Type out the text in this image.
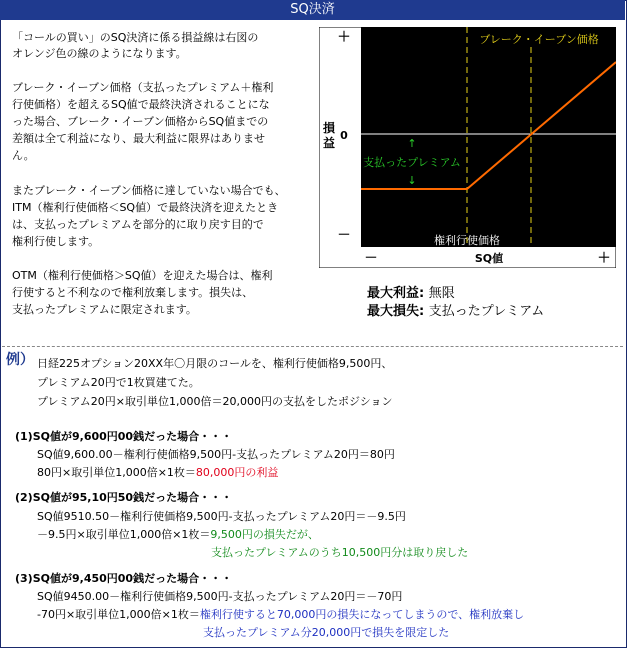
SQ決済
「コールの買い」のSQ決済に係る損益線は右図の
オレンジ色の線のようになります。
ブレーク・イーブン価格（支払ったプレミアム＋権利
行使価格）を超えるSQ値で最終決済されることにな
った場合、ブレーク・イーブン価格からSQ値までの
差額は全て利益になり、最大利益に限界はありませ
ん。
またブレーク・イーブン価格に達していない場合でも、
ITM（権利行使価格＜SQ値）で最終決済を迎えたとき
は、支払ったプレミアムを部分的に取り戻す目的で
権利行使します。
OTM（権利行使価格＞SQ値）を迎えた場合は、権利
行使すると不利なので権利放棄します。損失は、
支払ったプレミアムに限定されます。
＋
0
－
損
益
ブレーク・イーブン価格
↑
支払ったプレミアム
↓
権利行使価格
－	SQ値	＋
最大利益: 無限
最大損失: 支払ったプレミアム
例） 日経225オプション20XX年〇月限のコールを、権利行使価格9,500円、
プレミアム20円で1枚買建てた。
プレミアム20円×取引単位1,000倍＝20,000円の支払をしたポジション
(1)SQ値が9,600円00銭だった場合・・・
SQ値9,600.00－権利行使価格9,500円-支払ったプレミアム20円＝80円
80円×取引単位1,000倍×1枚＝80,000円の利益
(2)SQ値が95,10円50銭だった場合・・・
SQ値9510.50－権利行使価格9,500円-支払ったプレミアム20円＝－9.5円
－9.5円×取引単位1,000倍×1枚＝9,500円の損失だが、
支払ったプレミアムのうち10,500円分は取り戻した
(3)SQ値が9,450円00銭だった場合・・・
SQ値9450.00－権利行使価格9,500円-支払ったプレミアム20円＝－70円
-70円×取引単位1,000倍×1枚＝権利行使すると70,000円の損失になってしまうので、権利放棄し
支払ったプレミアム分20,000円で損失を限定した
